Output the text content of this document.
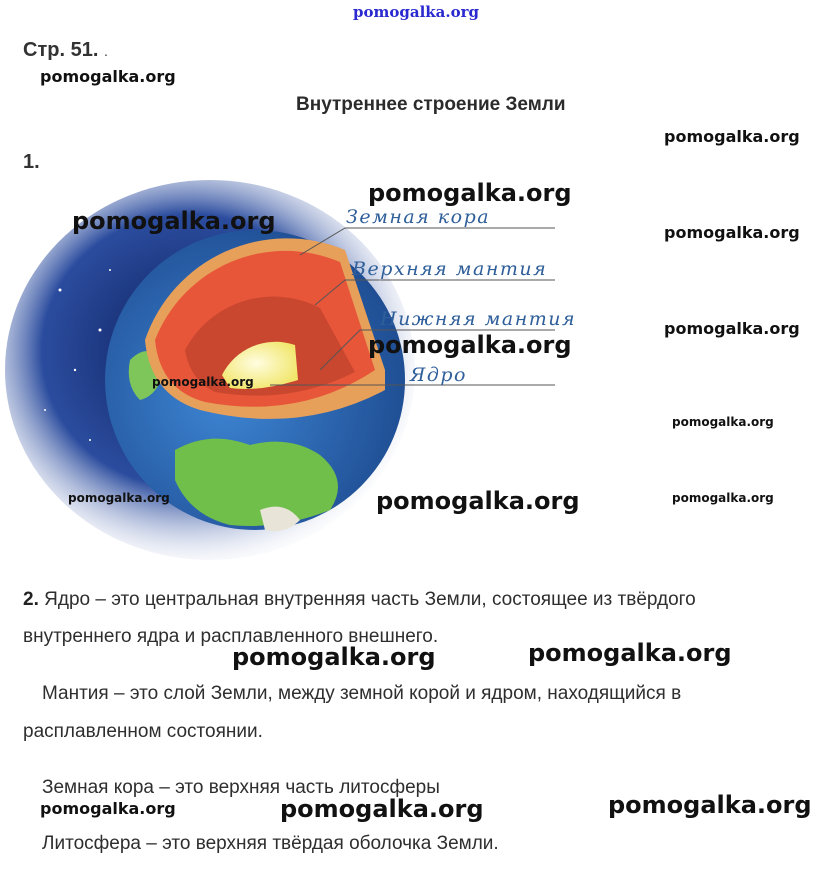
pomogalka.org
Стр. 51. .
pomogalka.org
Внутреннее строение Земли
pomogalka.org
1.
Земная кора
Верхняя мантия
Нижняя мантия
Ядро
pomogalka.org
pomogalka.org	pomogalka.org
pomogalka.org
pomogalka.org
pomogalka.org
pomogalka.org
pomogalka.org	pomogalka.org	pomogalka.org
2. Ядро – это центральная внутренняя часть Земли, состоящее из твёрдого
внутреннего ядра и расплавленного внешнего.
pomogalka.org	pomogalka.org
Мантия – это слой Земли, между земной корой и ядром, находящийся в
расплавленном состоянии.
Земная кора – это верхняя часть литосферы
pomogalka.org	pomogalka.org	pomogalka.org
Литосфера – это верхняя твёрдая оболочка Земли.
